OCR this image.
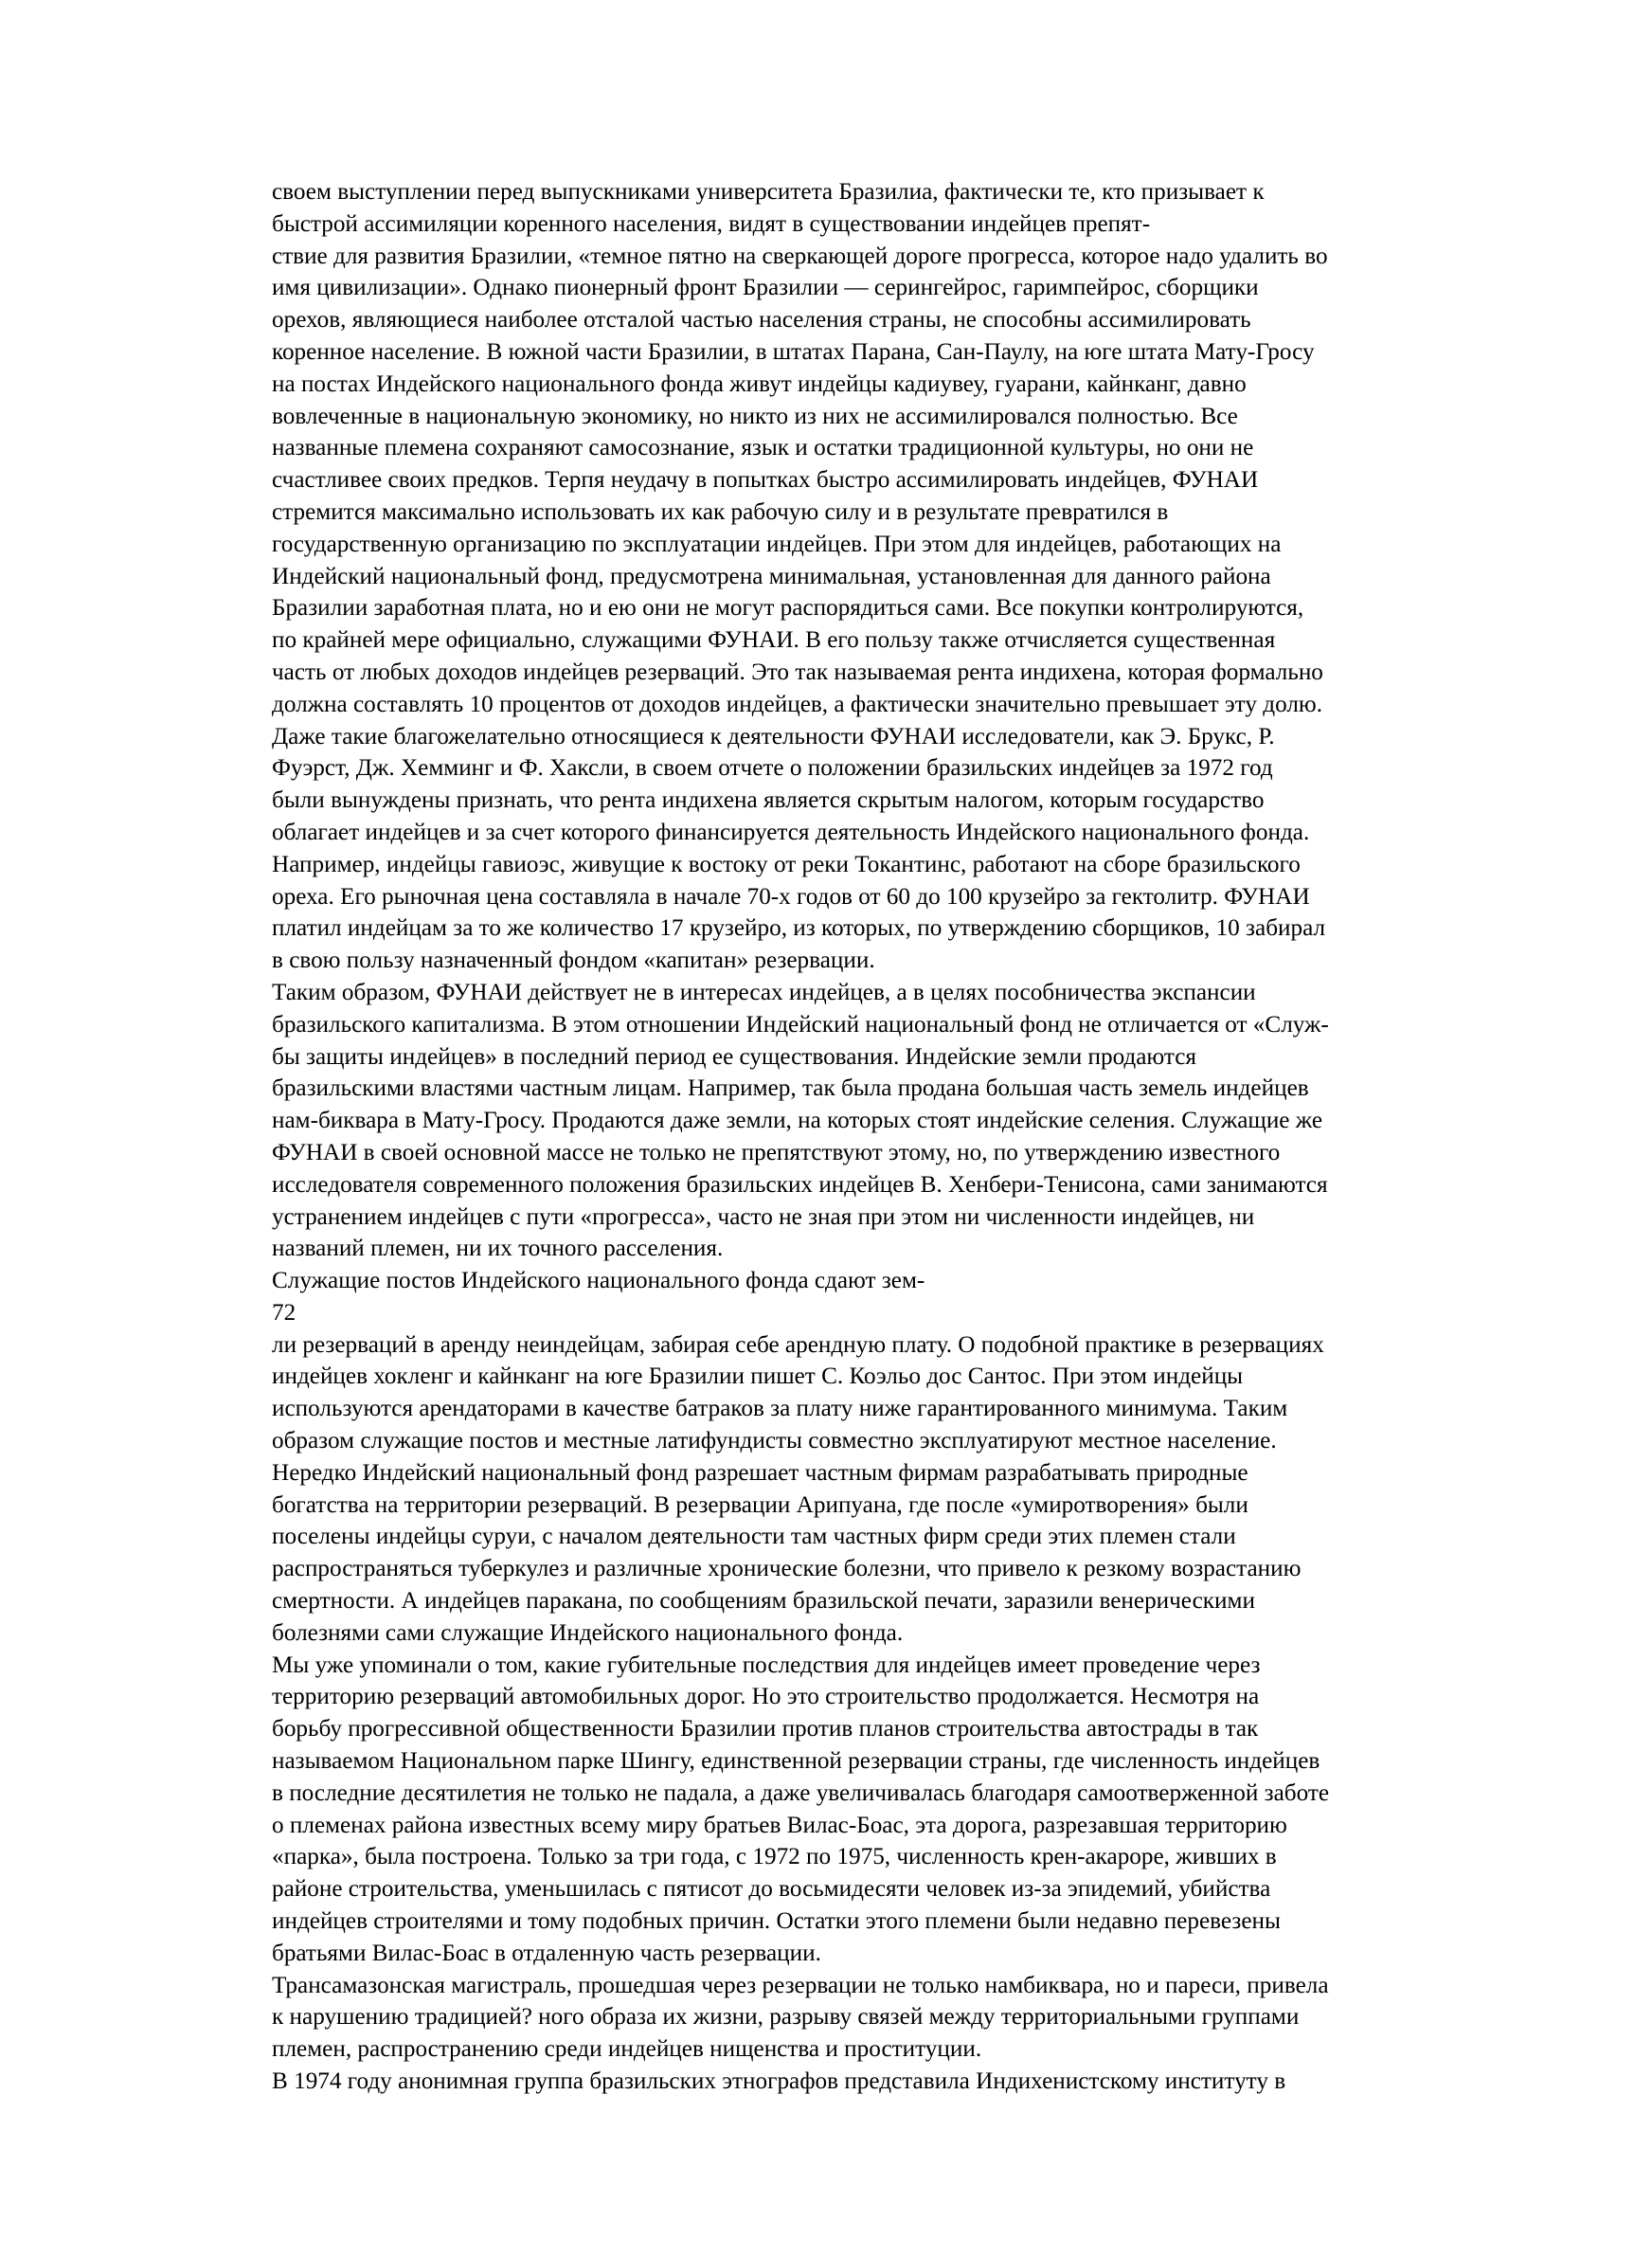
своем выступлении перед выпускниками университета Бразилиа, фактически те, кто призывает к
быстрой ассимиляции коренного населения, видят в существовании индейцев препят-
ствие для развития Бразилии, «темное пятно на сверкающей дороге прогресса, которое надо удалить во
имя цивилизации». Однако пионерный фронт Бразилии — серингейрос, гаримпейрос, сборщики
орехов, являющиеся наиболее отсталой частью населения страны, не способны ассимилировать
коренное население. В южной части Бразилии, в штатах Парана, Сан-Паулу, на юге штата Мату-Гросу
на постах Индейского национального фонда живут индейцы кадиувеу, гуарани, кайнканг, давно
вовлеченные в национальную экономику, но никто из них не ассимилировался полностью. Все
названные племена сохраняют самосознание, язык и остатки традиционной культуры, но они не
счастливее своих предков. Терпя неудачу в попытках быстро ассимилировать индейцев, ФУНАИ
стремится максимально использовать их как рабочую силу и в результате превратился в
государственную организацию по эксплуатации индейцев. При этом для индейцев, работающих на
Индейский национальный фонд, предусмотрена минимальная, установленная для данного района
Бразилии заработная плата, но и ею они не могут распорядиться сами. Все покупки контролируются,
по крайней мере официально, служащими ФУНАИ. В его пользу также отчисляется существенная
часть от любых доходов индейцев резерваций. Это так называемая рента индихена, которая формально
должна составлять 10 процентов от доходов индейцев, а фактически значительно превышает эту долю.
Даже такие благожелательно относящиеся к деятельности ФУНАИ исследователи, как Э. Брукс, Р.
Фуэрст, Дж. Хемминг и Ф. Хаксли, в своем отчете о положении бразильских индейцев за 1972 год
были вынуждены признать, что рента индихена является скрытым налогом, которым государство
облагает индейцев и за счет которого финансируется деятельность Индейского национального фонда.
Например, индейцы гавиоэс, живущие к востоку от реки Токантинс, работают на сборе бразильского
ореха. Его рыночная цена составляла в начале 70-х годов от 60 до 100 крузейро за гектолитр. ФУНАИ
платил индейцам за то же количество 17 крузейро, из которых, по утверждению сборщиков, 10 забирал
в свою пользу назначенный фондом «капитан» резервации.
Таким образом, ФУНАИ действует не в интересах индейцев, а в целях пособничества экспансии
бразильского капитализма. В этом отношении Индейский национальный фонд не отличается от «Служ-
бы защиты индейцев» в последний период ее существования. Индейские земли продаются
бразильскими властями частным лицам. Например, так была продана большая часть земель индейцев
нам-биквара в Мату-Гросу. Продаются даже земли, на которых стоят индейские селения. Служащие же
ФУНАИ в своей основной массе не только не препятствуют этому, но, по утверждению известного
исследователя современного положения бразильских индейцев В. Хенбери-Тенисона, сами занимаются
устранением индейцев с пути «прогресса», часто не зная при этом ни численности индейцев, ни
названий племен, ни их точного расселения.
Служащие постов Индейского национального фонда сдают зем-
72
ли резерваций в аренду неиндейцам, забирая себе арендную плату. О подобной практике в резервациях
индейцев хокленг и кайнканг на юге Бразилии пишет С. Коэльо дос Сантос. При этом индейцы
используются арендаторами в качестве батраков за плату ниже гарантированного минимума. Таким
образом служащие постов и местные латифундисты совместно эксплуатируют местное население.
Нередко Индейский национальный фонд разрешает частным фирмам разрабатывать природные
богатства на территории резерваций. В резервации Арипуана, где после «умиротворения» были
поселены индейцы суруи, с началом деятельности там частных фирм среди этих племен стали
распространяться туберкулез и различные хронические болезни, что привело к резкому возрастанию
смертности. А индейцев паракана, по сообщениям бразильской печати, заразили венерическими
болезнями сами служащие Индейского национального фонда.
Мы уже упоминали о том, какие губительные последствия для индейцев имеет проведение через
территорию резерваций автомобильных дорог. Но это строительство продолжается. Несмотря на
борьбу прогрессивной общественности Бразилии против планов строительства автострады в так
называемом Национальном парке Шингу, единственной резервации страны, где численность индейцев
в последние десятилетия не только не падала, а даже увеличивалась благодаря самоотверженной заботе
о племенах района известных всему миру братьев Вилас-Боас, эта дорога, разрезавшая территорию
«парка», была построена. Только за три года, с 1972 по 1975, численность крен-акароре, живших в
районе строительства, уменьшилась с пятисот до восьмидесяти человек из-за эпидемий, убийства
индейцев строителями и тому подобных причин. Остатки этого племени были недавно перевезены
братьями Вилас-Боас в отдаленную часть резервации.
Трансамазонская магистраль, прошедшая через резервации не только намбиквара, но и пареси, привела
к нарушению традицией? ного образа их жизни, разрыву связей между территориальными группами
племен, распространению среди индейцев нищенства и проституции.
В 1974 году анонимная группа бразильских этнографов представила Индихенистскому институту в
